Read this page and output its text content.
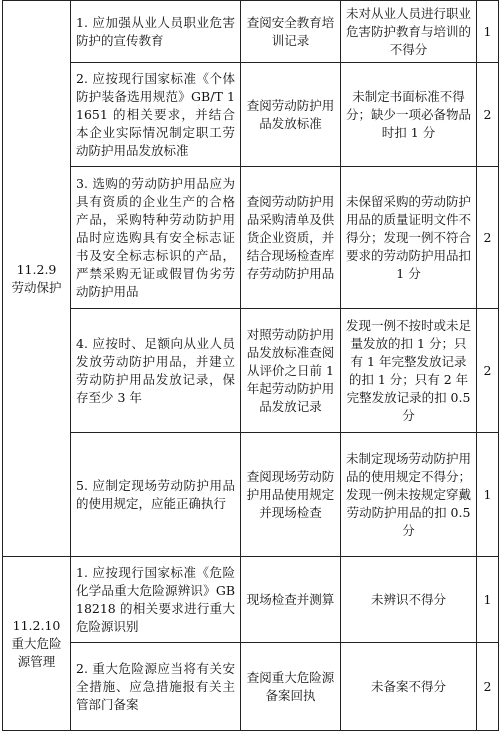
11.2.9
劳动保护	1. 应加强从业人员职业危害防护的宣传教育	查阅安全教育培训记录	未对从业人员进行职业危害防护教育与培训的不得分	1
	2. 应按现行国家标准《个体防护装备选用规范》GB/T 11651 的相关要求，并结合本企业实际情况制定职工劳动防护用品发放标准	查阅劳动防护用品发放标准	未制定书面标准不得分；缺少一项必备物品时扣 1 分	2
	3. 选购的劳动防护用品应为具有资质的企业生产的合格产品，采购特种劳动防护用品时应选购具有安全标志证书及安全标志标识的产品，严禁采购无证或假冒伪劣劳动防护用品	查阅劳动防护用品采购清单及供货企业资质，并结合现场检查库存劳动防护用品	未保留采购的劳动防护用品的质量证明文件不得分；发现一例不符合要求的劳动防护用品扣 1 分	2
	4. 应按时、足额向从业人员发放劳动防护用品，并建立劳动防护用品发放记录，保存至少 3 年	对照劳动防护用品发放标准查阅从评价之日前 1 年起劳动防护用品发放记录	发现一例不按时或未足量发放的扣 1 分；只有 1 年完整发放记录的扣 1 分；只有 2 年完整发放记录的扣 0.5 分	2
	5. 应制定现场劳动防护用品的使用规定，应能正确执行	查阅现场劳动防护用品使用规定并现场检查	未制定现场劳动防护用品的使用规定不得分；发现一例未按规定穿戴劳动防护用品的扣 0.5 分	1

11.2.10
重大危险源管理	1. 应按现行国家标准《危险化学品重大危险源辨识》GB 18218 的相关要求进行重大危险源识别	现场检查并测算	未辨识不得分	1
	2. 重大危险源应当将有关安全措施、应急措施报有关主管部门备案	查阅重大危险源备案回执	未备案不得分	2
